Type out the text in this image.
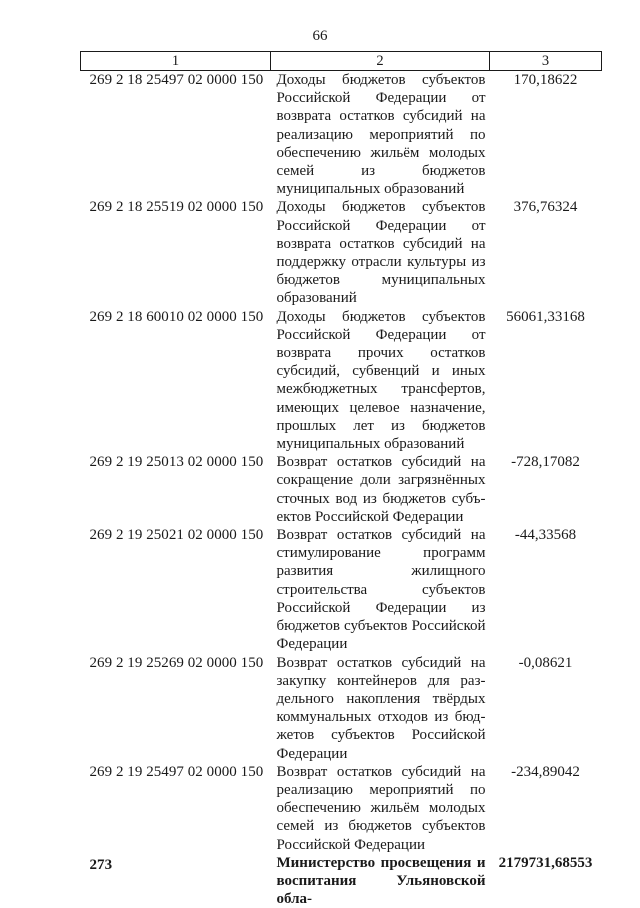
66
1	2	3
269 2 18 25497 02 0000 150	Доходы бюджетов субъектов Российской Федерации от возврата остатков субсидий на реализацию мероприятий по обеспечению жильём молодых семей из бюджетов муниципальных образований	170,18622
269 2 18 25519 02 0000 150	Доходы бюджетов субъектов Российской Федерации от возврата остатков субсидий на поддержку отрасли культуры из бюджетов муниципальных образований	376,76324
269 2 18 60010 02 0000 150	Доходы бюджетов субъектов Российской Федерации от возврата прочих остатков субсидий, субвенций и иных межбюджетных трансфертов, имеющих целевое назначение, прошлых лет из бюджетов муниципальных образований	56061,33168
269 2 19 25013 02 0000 150	Возврат остатков субсидий на сокращение доли загрязнённых сточных вод из бюджетов субъектов Российской Федерации	-728,17082
269 2 19 25021 02 0000 150	Возврат остатков субсидий на стимулирование программ развития жилищного строительства субъектов Российской Федерации из бюджетов субъектов Российской Федерации	-44,33568
269 2 19 25269 02 0000 150	Возврат остатков субсидий на закупку контейнеров для раздельного накопления твёрдых коммунальных отходов из бюджетов субъектов Российской Федерации	-0,08621
269 2 19 25497 02 0000 150	Возврат остатков субсидий на реализацию мероприятий по обеспечению жильём молодых семей из бюджетов субъектов Российской Федерации	-234,89042
273	Министерство просвещения и воспитания Ульяновской обла-	2179731,68553
